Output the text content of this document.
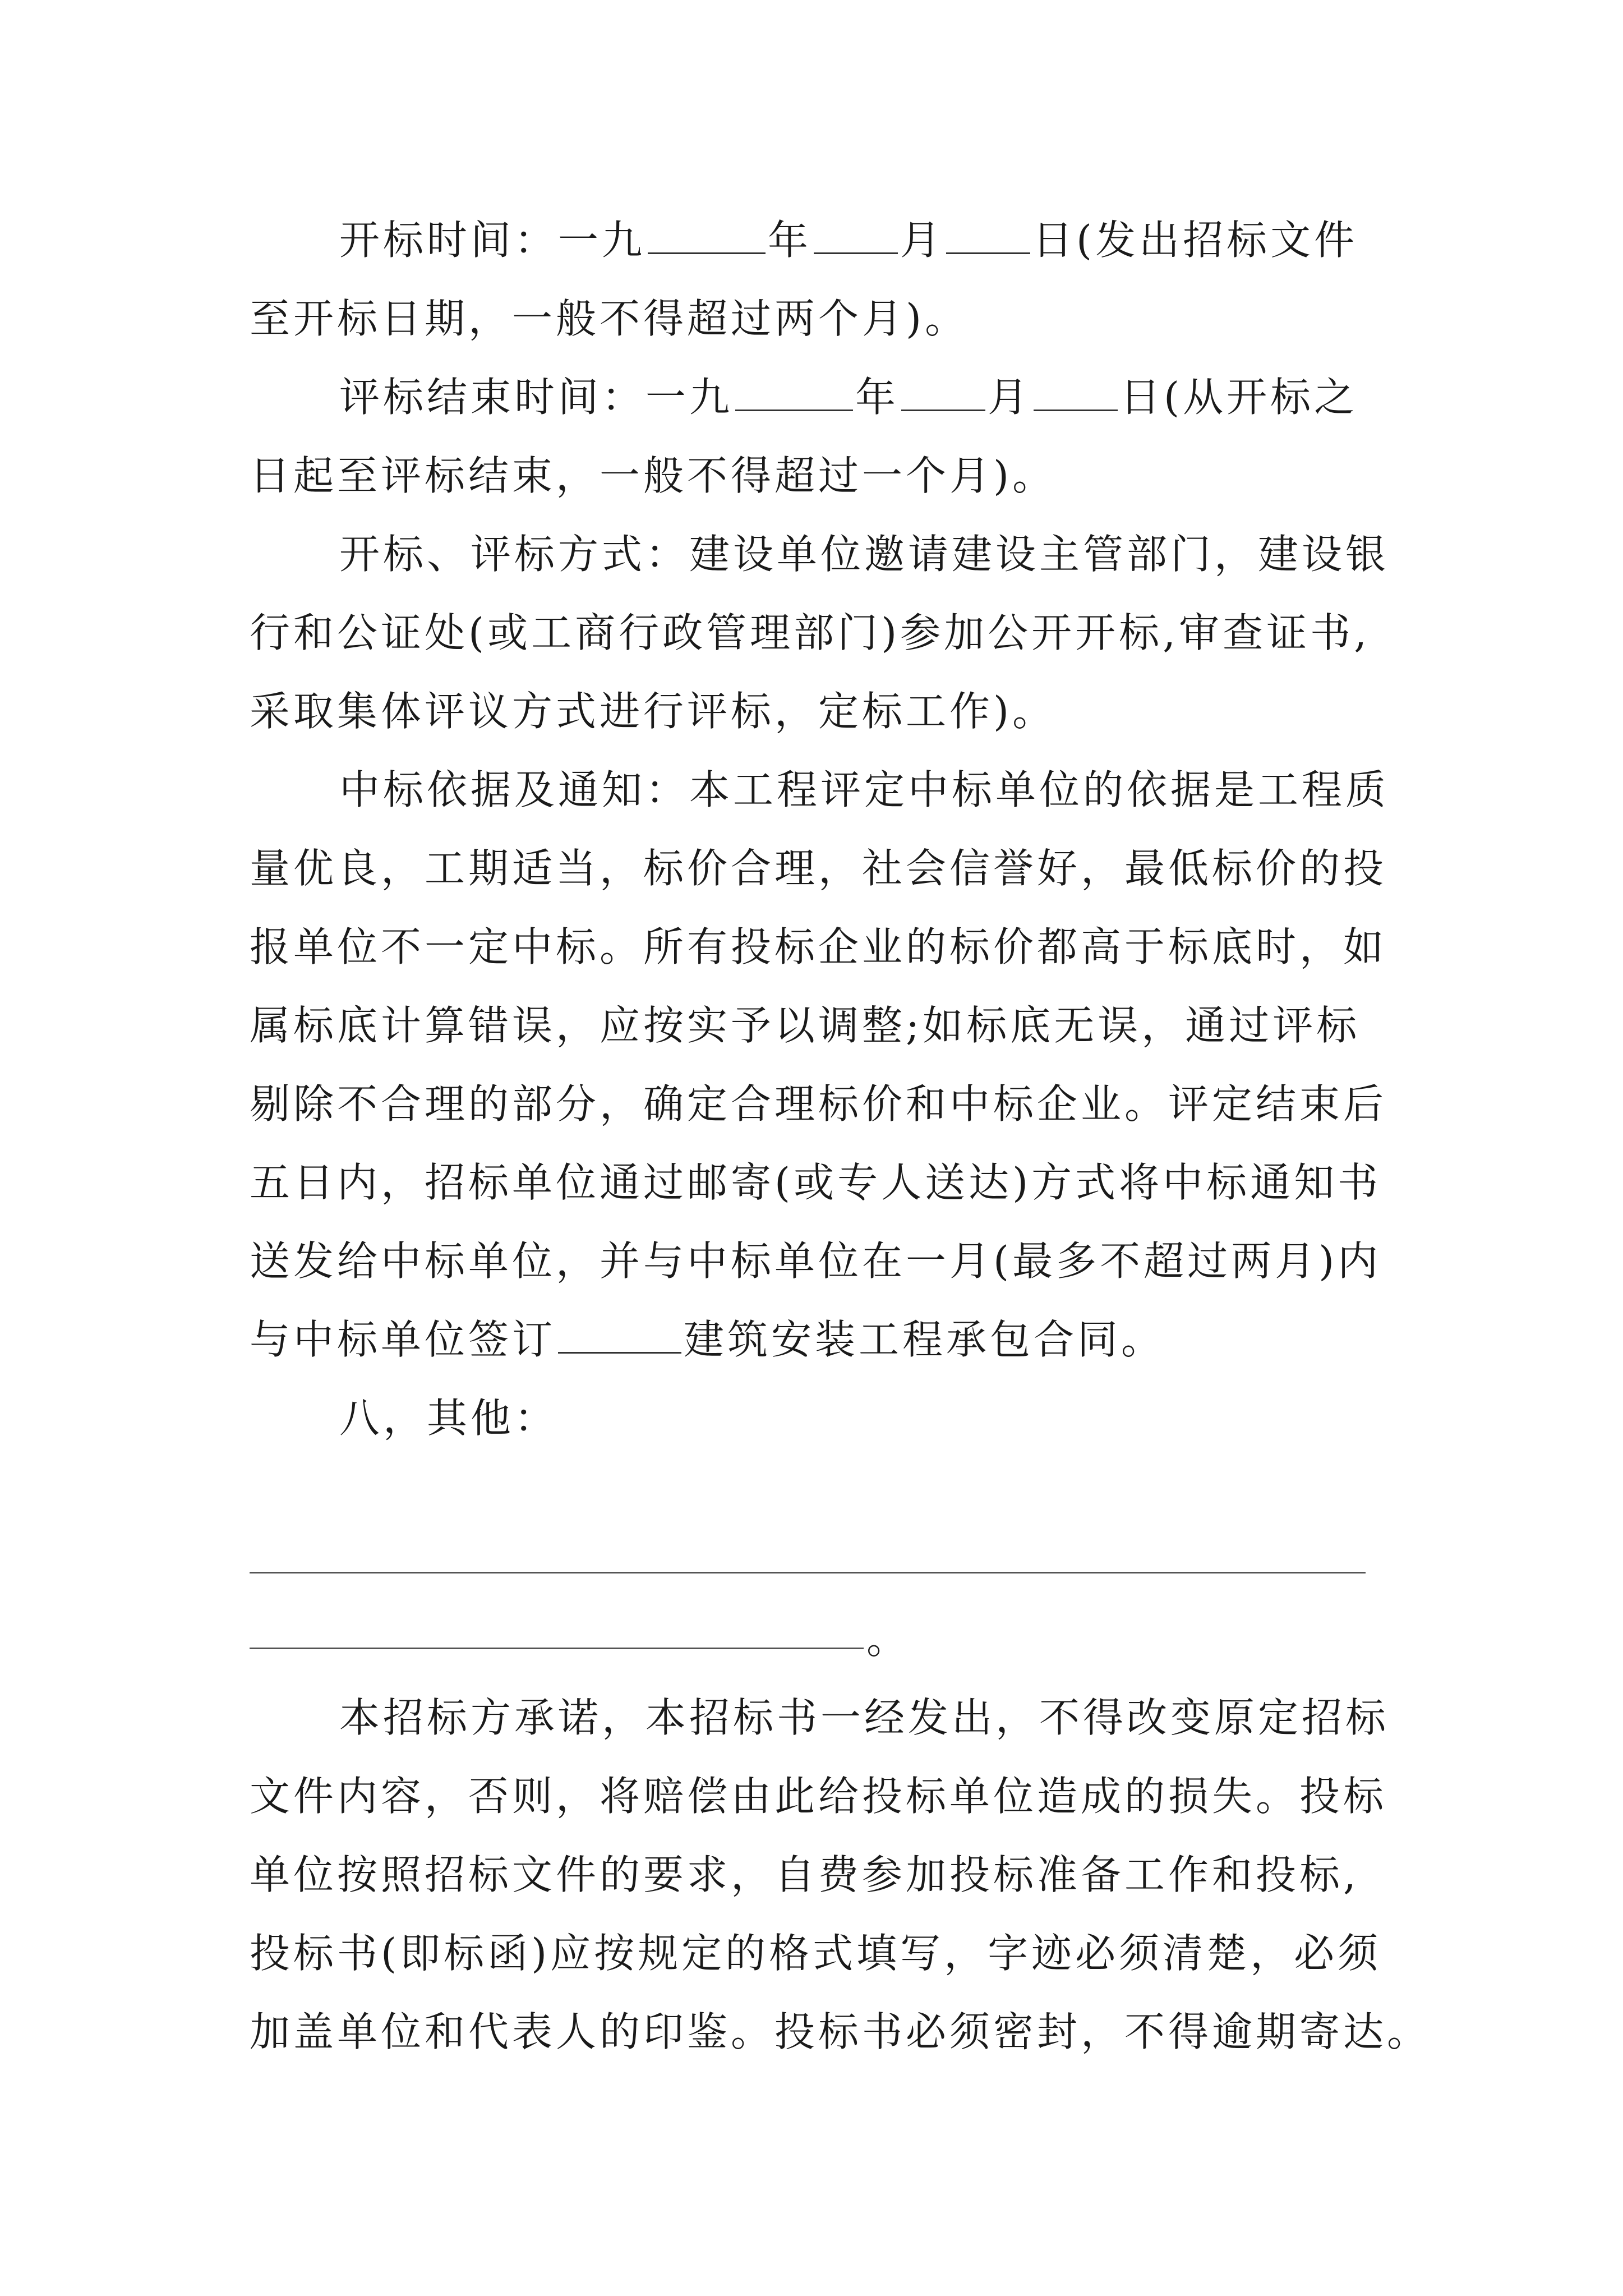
开标时间：一九	年 月 日(发出招标文件
至开标日期，一般不得超过两个月)。
评标结束时间：一九	年 月 日(从开标之
日起至评标结束，一般不得超过一个月)。
开标、评标方式：建设单位邀请建设主管部门，建设银
行和公证处(或工商行政管理部门)参加公开开标,审查证书,
采取集体评议方式进行评标，定标工作)。
中标依据及通知：本工程评定中标单位的依据是工程质
量优良，工期适当，标价合理，社会信誉好，最低标价的投
报单位不一定中标。所有投标企业的标价都高于标底时，如
属标底计算错误，应按实予以调整;如标底无误，通过评标
剔除不合理的部分，确定合理标价和中标企业。评定结束后
五日内，招标单位通过邮寄(或专人送达)方式将中标通知书
送发给中标单位，并与中标单位在一月(最多不超过两月)内
与中标单位签订	建筑安装工程承包合同。
八，其他：
。
本招标方承诺，本招标书一经发出，不得改变原定招标
文件内容，否则，将赔偿由此给投标单位造成的损失。投标
单位按照招标文件的要求，自费参加投标准备工作和投标,
投标书(即标函)应按规定的格式填写，字迹必须清楚，必须
加盖单位和代表人的印鉴。投标书必须密封，不得逾期寄达。
